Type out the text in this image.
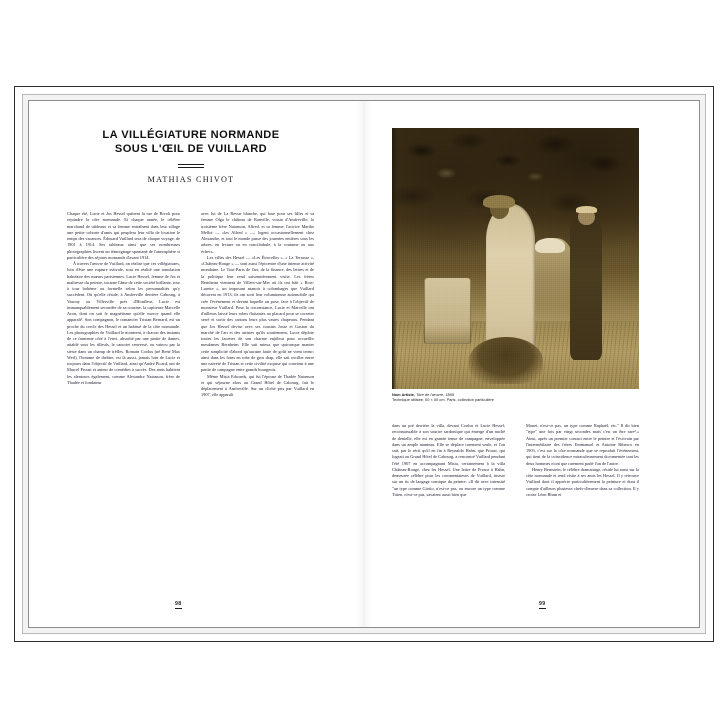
LA VILLÉGIATURE NORMANDE
SOUS L'ŒIL DE VUILLARD

MATHIAS CHIVOT

Chaque été, Lucie et Jos Hessel quittent la rue de Rivoli pour rejoindre la côte normande. Et chaque année, le célèbre marchand de tableaux et sa femme entraînent dans leur sillage une petite cohorte d'amis qui peuplera leur villa de location le temps des vacances. Édouard Vuillard sera de chaque voyage, de 1901 à 1914. Ses tableaux ainsi que ses nombreuses photographies livrent un témoignage spontané de l'atmosphère si particulière des séjours normands d'avant 1914.

À travers l'œuvre de Vuillard, on réalise que ces villégiatures, loin d'être une rupture estivale, sont en réalité une translation balnéaire des mœurs parisiennes. Lucie Hessel, femme de Jos et maîtresse du peintre, incarne l'âme de cette société brillante, tour à tour bohème ou formelle selon les personnalités qu'y succèdent. Où qu'elle réside, à Amfreville derrière Cabourg, à Vasouy ou Villerville près d'Honfleur, Lucie est immanquablement secondée de sa cousine, la capiteuse Marcelle Aron, dont on sait le magnétisme qu'elle exerce quand elle apparaît¹. Son compagnon, le romancier Tristan Bernard, est un proche du cercle des Hessel et un habitué de la côte normande. Les photographies de Vuillard le montrent, à chacun des instants de ce farniente côté à l'envi, absorbé par une partie de dames, attablé sous les tilleuls, le cancriet renversé, ou vaincu par la sieste dans un champ de trèfles. Romain Coolus (né René Max Weil), l'homme de théâtre, est là aussi, jamais loin de Lucie et toujours dans l'objectif de Vuillard, ainsi qu'André Picard, uni de Marcel Proust et auteur de comédies à succès. Des amis habitent les alentours également, comme Alexandre Natanson, frère de Thadée et fondateur

avec lui de La Revue blanche, qui loue pour ses filles et sa femme Olga le château de Ranville, voisin d'Amfreville; le troisième frère Natanson, Alfred, et sa femme, l'actrice Marthe Mellot — «les Alfred » —, logent occasionnellement chez Alexandre, et tout le monde passe des journées entières sous les arbres, en lecture ou en conciliabule, à la coutume ou aux échecs.

Les villas des Hessel — «Les Étrocelles », « La Terrasse », «Château-Rouge » — sont aussi l'épicentre d'une intense activité mondaine. Le Tout-Paris de l'art, de la finance, des lettres et de la politique leur rend saisonnièrement visite. Les frères Bernheim viennent de Villers-sur-Mer où ils ont bâti « Bois-Lurette », un imposant manoir à colombages que Vuillard décorera en 1913; ils ont sorti leur volumineuse automobile qui crée l'événement et devant laquelle on pose, face à l'objectif de monsieur Vuillard. Pour la circonstance, Lucie et Marcelle ont d'ailleurs laissé leurs robes flottantes au placard pour se corseter serré et sortir des cartons leurs plus vastes chapeaux. Pendant que Jos Hessel devise avec ses cousins Josse et Gaston du marché de l'art et des artistes qu'ils soutiennent, Lucie déploie toutes les facettes de son charme enjôleur pour accueillir mesdames Bernheim. Elle sait mieux que quiconque manier cette simplicité d'abord qu'aucune faute de goût ne vient ternir; ainsi dans les foins en robe de gros drap, elle sait osciller entre une naïveté de Tristan et cette civilité exquise qui convient à une partie de campagne entre grands bourgeois.

Même Misia Edwards, qui fut l'épouse de Thadée Natanson et qui séjourne alors au Grand Hôtel de Cabourg, fait le déplacement à Amfreville. Sur un cliché pris par Vuillard en 1907, elle apparaît

98
Nom Artiste, Titre de l'œuvre, 1895
Technique utilisée, 00 × 00 cm, Paris, collection particulière

dans un pré derrière la villa, devant Coolus et Lucie Hessel; reconnaissable à son sourire sardonique qui émerge d'un nuché de dentelle, elle est en grande tenue de campagne, enveloppée dans un ample manteau. Elle se déplace rarement seule, et l'on sait, par le récit qu'il en fin à Reynaldo Hahn, que Proust, qui logeait au Grand Hôtel de Cabourg, a rencontré Vuillard pendant l'été 1907 en accompagnant Misia, certainement à la villa Château-Rouge, chez les Hessel. Une lettre de Proust à Hahn, demeurée célèbre pour les commentateurs de Vuillard, insiste sur un tic de langage comique du peintre: «Il dit avec intensité "un type comme Giotto, n'est-ce pas, ou encore un type comme Titien, n'est-ce pas, savaient aussi bien que

Monet, n'est-ce pas, un type comme Raphaël, etc." Il dit bien "type" une fois par vingt secondes mais c'est un être rare².» Ainsi, après un premier contact entre le peintre et l'écrivain par l'intermédiaire des frères Emmanuel et Antoine Bibesco en 1903, c'est sur la côte normande que se reproduit l'événement, qui tient de la coïncidence miraculeusement documentée tant les deux hommes n'ont que rarement parlé l'un de l'autre.

Henry Bernstein, le célèbre dramaturge, réside lui aussi sur la côte normande et rend visite à ses amis les Hessel. Il y retrouve Vuillard dont il apprécie particulièrement la peinture et dont il compte d'ailleurs plusieurs chefs-d'œuvre dans sa collection. Il y croise Léon Blum et

99
